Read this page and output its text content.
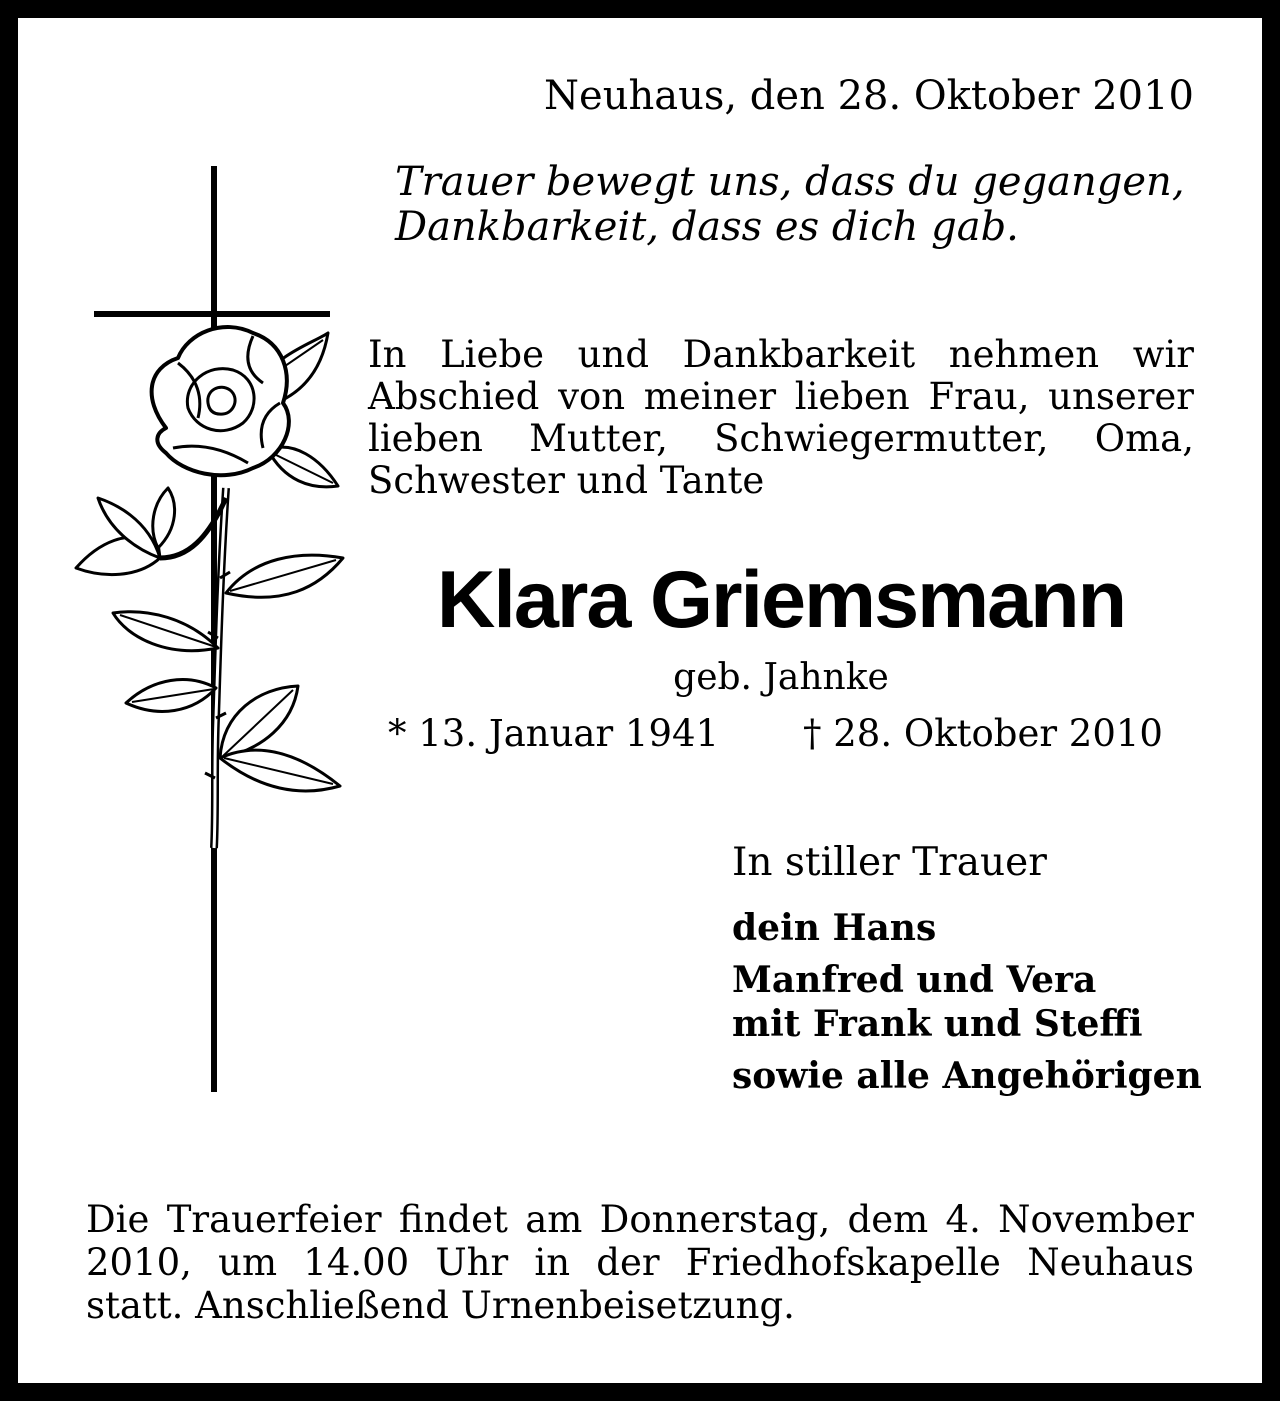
Neuhaus, den 28. Oktober 2010
Trauer bewegt uns, dass du gegangen,
Dankbarkeit, dass es dich gab.
In Liebe und Dankbarkeit nehmen wir Abschied von meiner lieben Frau, unserer lieben Mutter, Schwiegermutter, Oma, Schwester und Tante
Klara Griemsmann
geb. Jahnke
* 13. Januar 1941 † 28. Oktober 2010
In stiller Trauer
dein Hans
Manfred und Vera
mit Frank und Steffi
sowie alle Angehörigen
Die Trauerfeier findet am Donnerstag, dem 4. November 2010, um 14.00 Uhr in der Friedhofskapelle Neuhaus statt. Anschließend Urnenbeisetzung.
